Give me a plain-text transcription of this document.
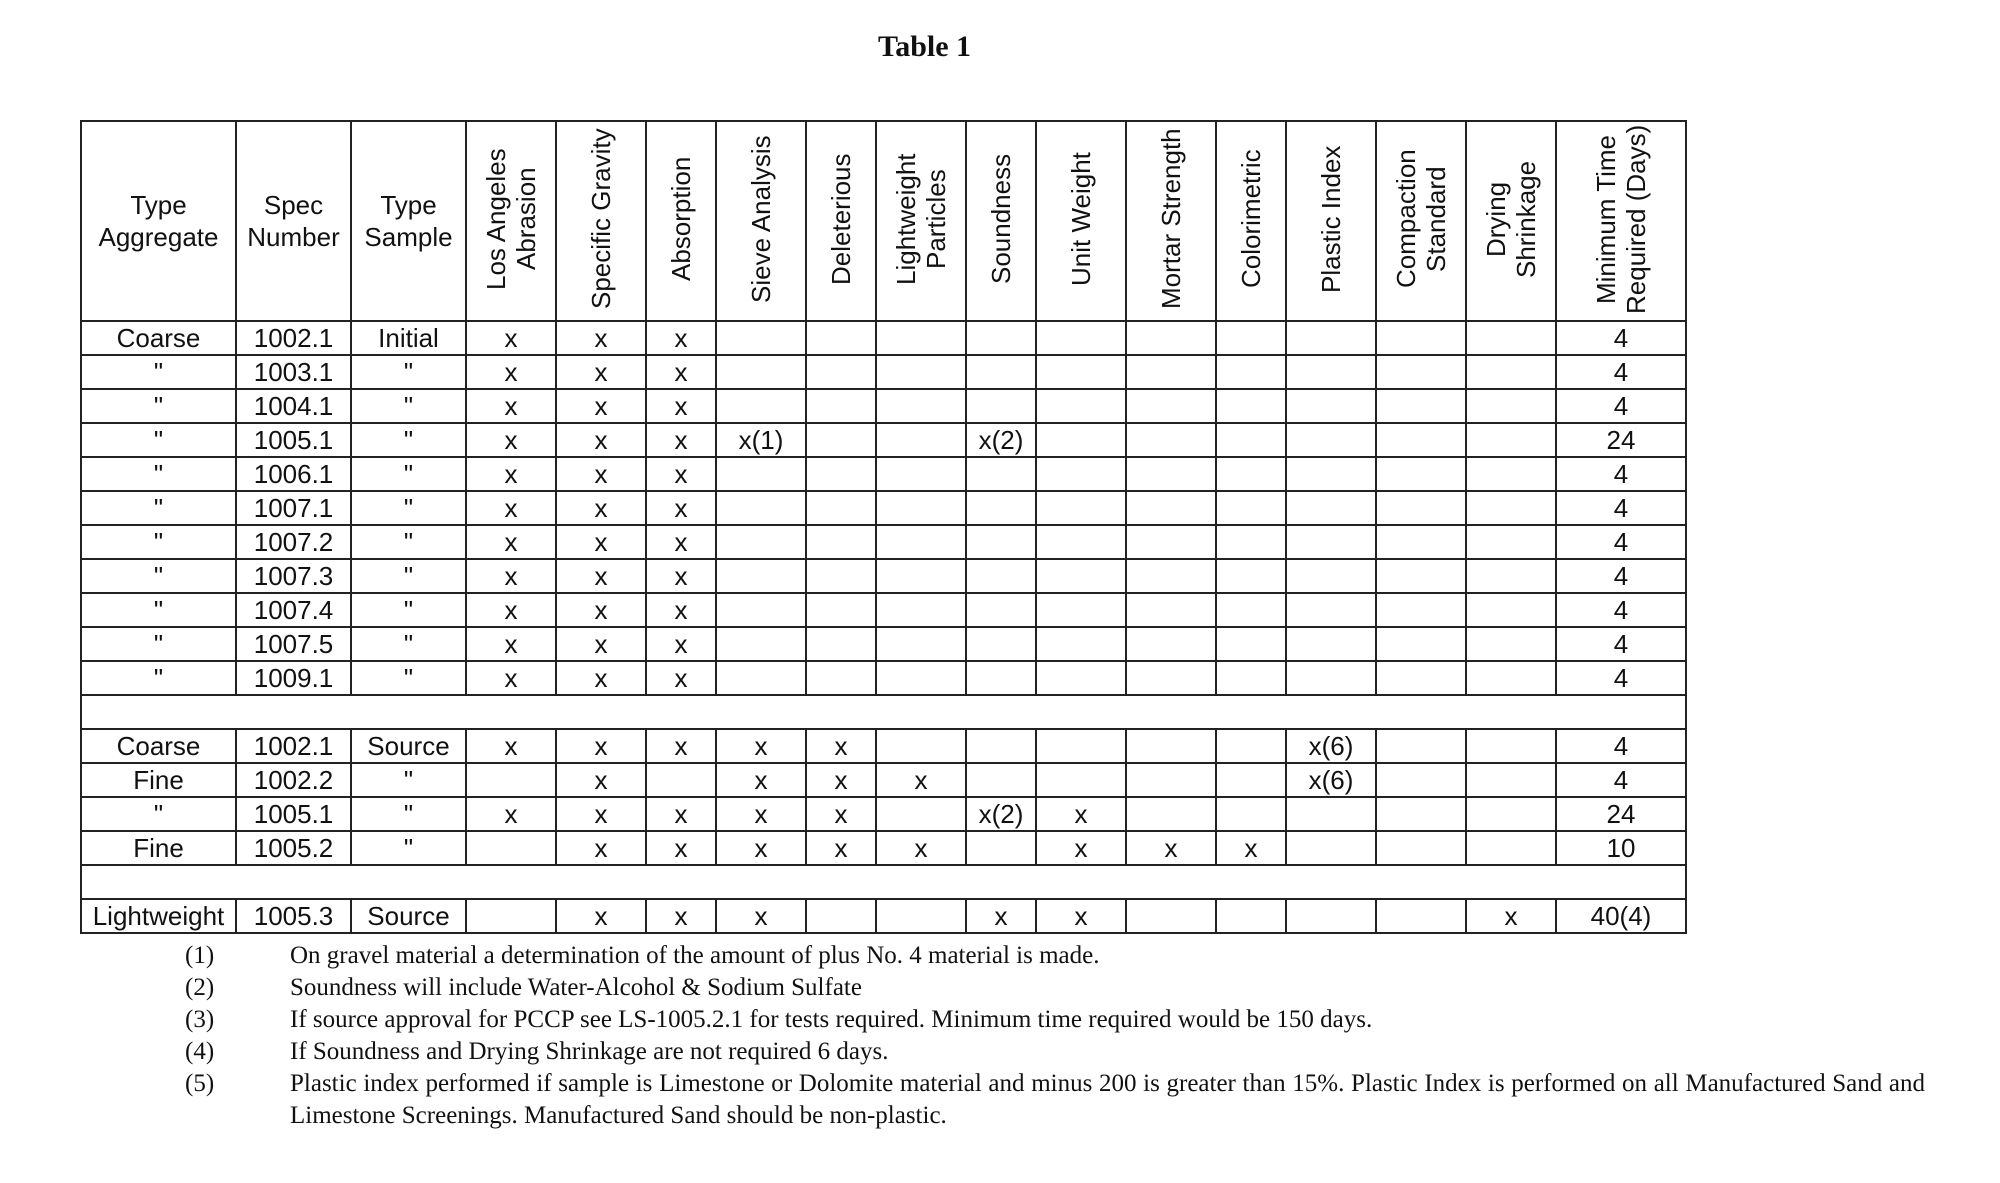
Table 1
Type Aggregate	Spec Number	Type Sample	Los Angeles Abrasion	Specific Gravity	Absorption	Sieve Analysis	Deleterious	Lightweight Particles	Soundness	Unit Weight	Mortar Strength	Colorimetric	Plastic Index	Compaction Standard	Drying Shrinkage	Minimum Time Required (Days)
Coarse	1002.1	Initial	x	x	x											4
"	1003.1	"	x	x	x											4
"	1004.1	"	x	x	x											4
"	1005.1	"	x	x	x	x(1)			x(2)							24
"	1006.1	"	x	x	x											4
"	1007.1	"	x	x	x											4
"	1007.2	"	x	x	x											4
"	1007.3	"	x	x	x											4
"	1007.4	"	x	x	x											4
"	1007.5	"	x	x	x											4
"	1009.1	"	x	x	x											4

Coarse	1002.1	Source	x	x	x	x	x						x(6)			4
Fine	1002.2	"		x		x	x	x					x(6)			4
"	1005.1	"	x	x	x	x	x		x(2)	x						24
Fine	1005.2	"		x	x	x	x	x		x	x	x				10

Lightweight	1005.3	Source		x	x	x			x	x					x	40(4)
(1)	On gravel material a determination of the amount of plus No. 4 material is made.
(2)	Soundness will include Water-Alcohol & Sodium Sulfate
(3)	If source approval for PCCP see LS-1005.2.1 for tests required. Minimum time required would be 150 days.
(4)	If Soundness and Drying Shrinkage are not required 6 days.
(5)	Plastic index performed if sample is Limestone or Dolomite material and minus 200 is greater than 15%. Plastic Index is performed on all Manufactured Sand and Limestone Screenings. Manufactured Sand should be non-plastic.
